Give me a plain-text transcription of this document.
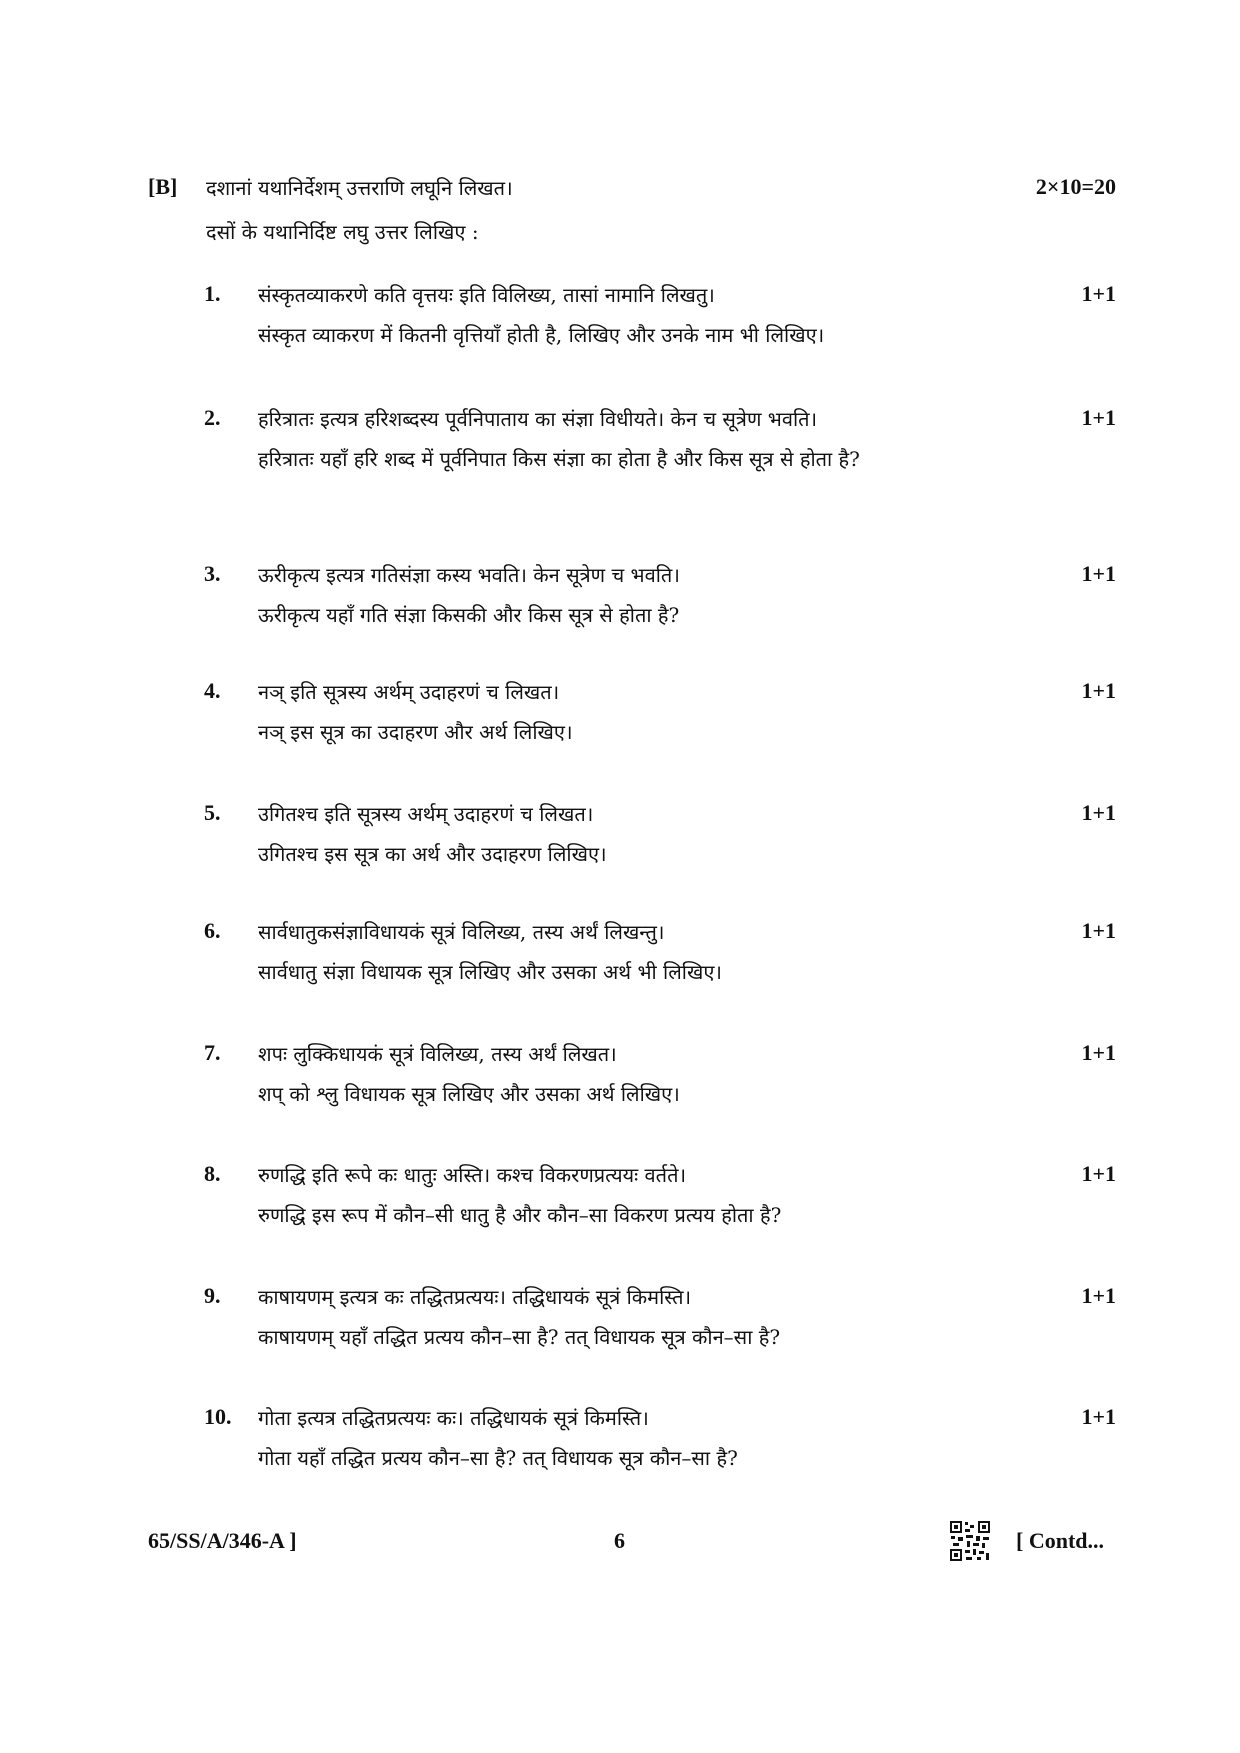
[B] दशानां यथानिर्देशम् उत्तराणि लघूनि लिखत।	2×10=20
दसों के यथानिर्दिष्ट लघु उत्तर लिखिए :
1. संस्कृतव्याकरणे कति वृत्तयः इति विलिख्य, तासां नामानि लिखतु।	1+1
संस्कृत व्याकरण में कितनी वृत्तियाँ होती है, लिखिए और उनके नाम भी लिखिए।
2. हरित्रातः इत्यत्र हरिशब्दस्य पूर्वनिपाताय का संज्ञा विधीयते। केन च सूत्रेण भवति।	1+1
हरित्रातः यहाँ हरि शब्द में पूर्वनिपात किस संज्ञा का होता है और किस सूत्र से होता है?
3. ऊरीकृत्य इत्यत्र गतिसंज्ञा कस्य भवति। केन सूत्रेण च भवति।	1+1
ऊरीकृत्य यहाँ गति संज्ञा किसकी और किस सूत्र से होता है?
4. नञ् इति सूत्रस्य अर्थम् उदाहरणं च लिखत।	1+1
नञ् इस सूत्र का उदाहरण और अर्थ लिखिए।
5. उगितश्च इति सूत्रस्य अर्थम् उदाहरणं च लिखत।	1+1
उगितश्च इस सूत्र का अर्थ और उदाहरण लिखिए।
6. सार्वधातुकसंज्ञाविधायकं सूत्रं विलिख्य, तस्य अर्थं लिखन्तु।	1+1
सार्वधातु संज्ञा विधायक सूत्र लिखिए और उसका अर्थ भी लिखिए।
7. शपः लुक्किधायकं सूत्रं विलिख्य, तस्य अर्थं लिखत।	1+1
शप् को श्लु विधायक सूत्र लिखिए और उसका अर्थ लिखिए।
8. रुणद्धि इति रूपे कः धातुः अस्ति। कश्च विकरणप्रत्ययः वर्तते।	1+1
रुणद्धि इस रूप में कौन–सी धातु है और कौन–सा विकरण प्रत्यय होता है?
9. काषायणम् इत्यत्र कः तद्धितप्रत्ययः। तद्धिधायकं सूत्रं किमस्ति।	1+1
काषायणम् यहाँ तद्धित प्रत्यय कौन–सा है? तत् विधायक सूत्र कौन–सा है?
10. गोता इत्यत्र तद्धितप्रत्ययः कः। तद्धिधायकं सूत्रं किमस्ति।	1+1
गोता यहाँ तद्धित प्रत्यय कौन–सा है? तत् विधायक सूत्र कौन–सा है?
65/SS/A/346-A ]	6	[ Contd...
